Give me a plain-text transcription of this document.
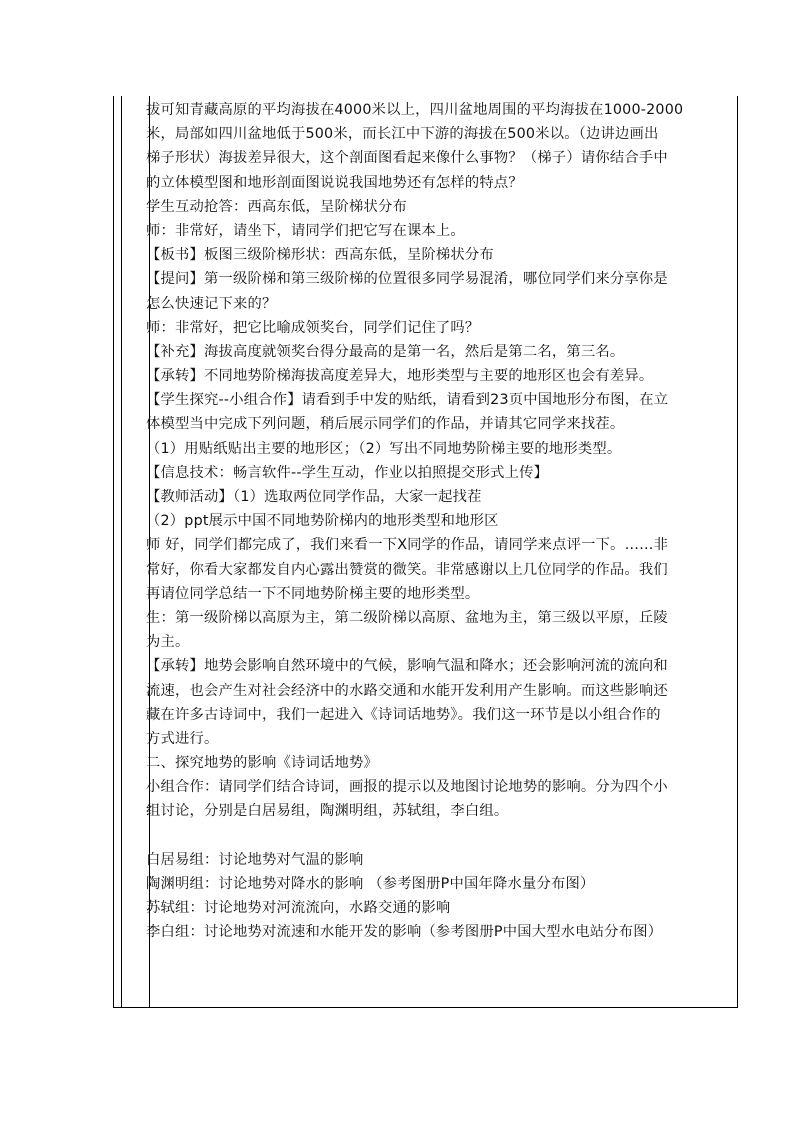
拔可知青藏高原的平均海拔在4000米以上，四川盆地周围的平均海拔在1000-2000
米，局部如四川盆地低于500米，而长江中下游的海拔在500米以。（边讲边画出
梯子形状）海拔差异很大，这个剖面图看起来像什么事物？（梯子）请你结合手中
的立体模型图和地形剖面图说说我国地势还有怎样的特点？
学生互动抢答：西高东低，呈阶梯状分布
师：非常好，请坐下，请同学们把它写在课本上。
【板书】板图三级阶梯形状：西高东低，呈阶梯状分布
【提问】第一级阶梯和第三级阶梯的位置很多同学易混淆，哪位同学们来分享你是
怎么快速记下来的？
师：非常好，把它比喻成领奖台，同学们记住了吗？
【补充】海拔高度就领奖台得分最高的是第一名，然后是第二名，第三名。
【承转】不同地势阶梯海拔高度差异大，地形类型与主要的地形区也会有差异。
【学生探究--小组合作】请看到手中发的贴纸，请看到23页中国地形分布图，在立
体模型当中完成下列问题，稍后展示同学们的作品，并请其它同学来找茬。
（1）用贴纸贴出主要的地形区；（2）写出不同地势阶梯主要的地形类型。
【信息技术：畅言软件--学生互动，作业以拍照提交形式上传】
【教师活动】（1）选取两位同学作品，大家一起找茬
（2）ppt展示中国不同地势阶梯内的地形类型和地形区
师 好，同学们都完成了，我们来看一下X同学的作品，请同学来点评一下。……非
常好，你看大家都发自内心露出赞赏的微笑。非常感谢以上几位同学的作品。我们
再请位同学总结一下不同地势阶梯主要的地形类型。
生：第一级阶梯以高原为主，第二级阶梯以高原、盆地为主，第三级以平原，丘陵
为主。
【承转】地势会影响自然环境中的气候，影响气温和降水；还会影响河流的流向和
流速，也会产生对社会经济中的水路交通和水能开发利用产生影响。而这些影响还
藏在许多古诗词中，我们一起进入《诗词话地势》。我们这一环节是以小组合作的
方式进行。
二、探究地势的影响《诗词话地势》
小组合作：请同学们结合诗词，画报的提示以及地图讨论地势的影响。分为四个小
组讨论，分别是白居易组，陶渊明组，苏轼组，李白组。
白居易组：讨论地势对气温的影响
陶渊明组：讨论地势对降水的影响 （参考图册P中国年降水量分布图）
苏轼组：讨论地势对河流流向，水路交通的影响
李白组：讨论地势对流速和水能开发的影响（参考图册P中国大型水电站分布图）
